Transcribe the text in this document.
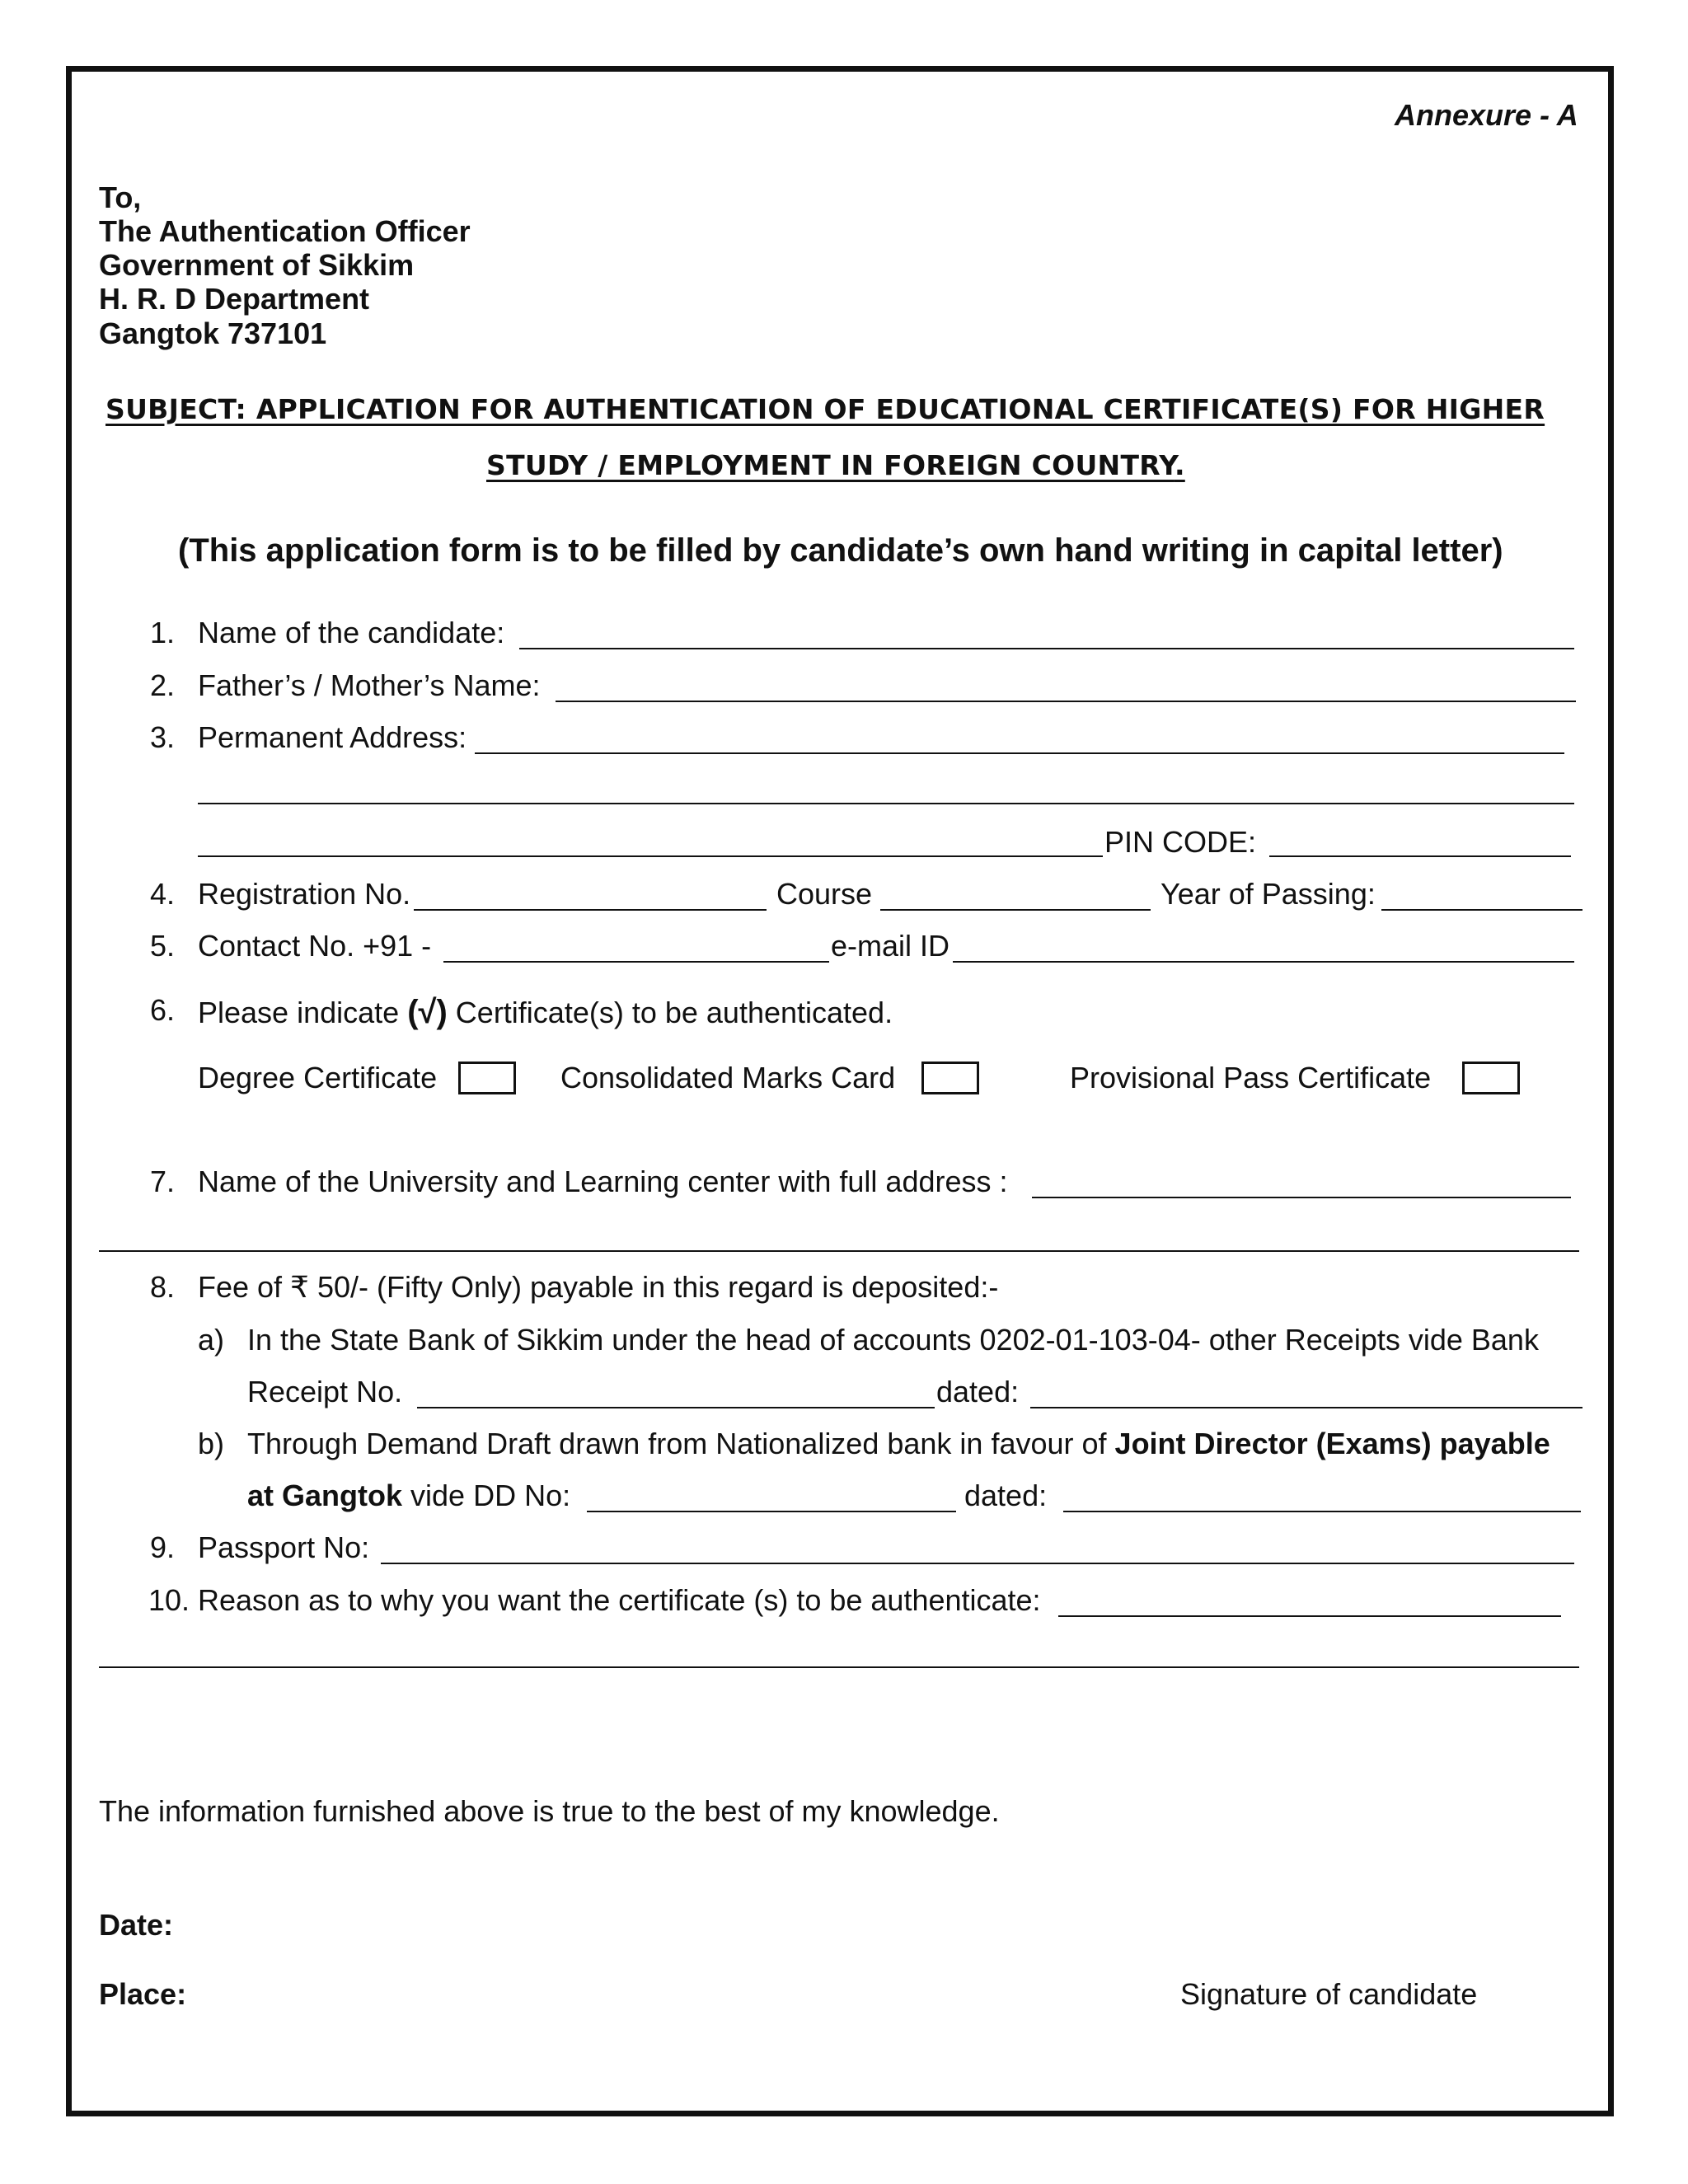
Annexure - A
To,
The Authentication Officer
Government of Sikkim
H. R. D Department
Gangtok 737101
SUBJECT: APPLICATION FOR AUTHENTICATION OF EDUCATIONAL CERTIFICATE(S) FOR HIGHER
STUDY / EMPLOYMENT IN FOREIGN COUNTRY.
(This application form is to be filled by candidate’s own hand writing in capital letter)
1. Name of the candidate:
2. Father’s / Mother’s Name:
3. Permanent Address:
PIN CODE:
4. Registration No.	Course	Year of Passing:
5. Contact No. +91 -	e-mail ID
6. Please indicate (√) Certificate(s) to be authenticated.
Degree Certificate	Consolidated Marks Card	Provisional Pass Certificate
7. Name of the University and Learning center with full address :
8. Fee of ₹ 50/- (Fifty Only) payable in this regard is deposited:-
a) In the State Bank of Sikkim under the head of accounts 0202-01-103-04- other Receipts vide Bank
Receipt No.	dated:
b) Through Demand Draft drawn from Nationalized bank in favour of Joint Director (Exams) payable
at Gangtok vide DD No:	dated:
9. Passport No:
10. Reason as to why you want the certificate (s) to be authenticate:
The information furnished above is true to the best of my knowledge.
Date:
Place:	Signature of candidate
